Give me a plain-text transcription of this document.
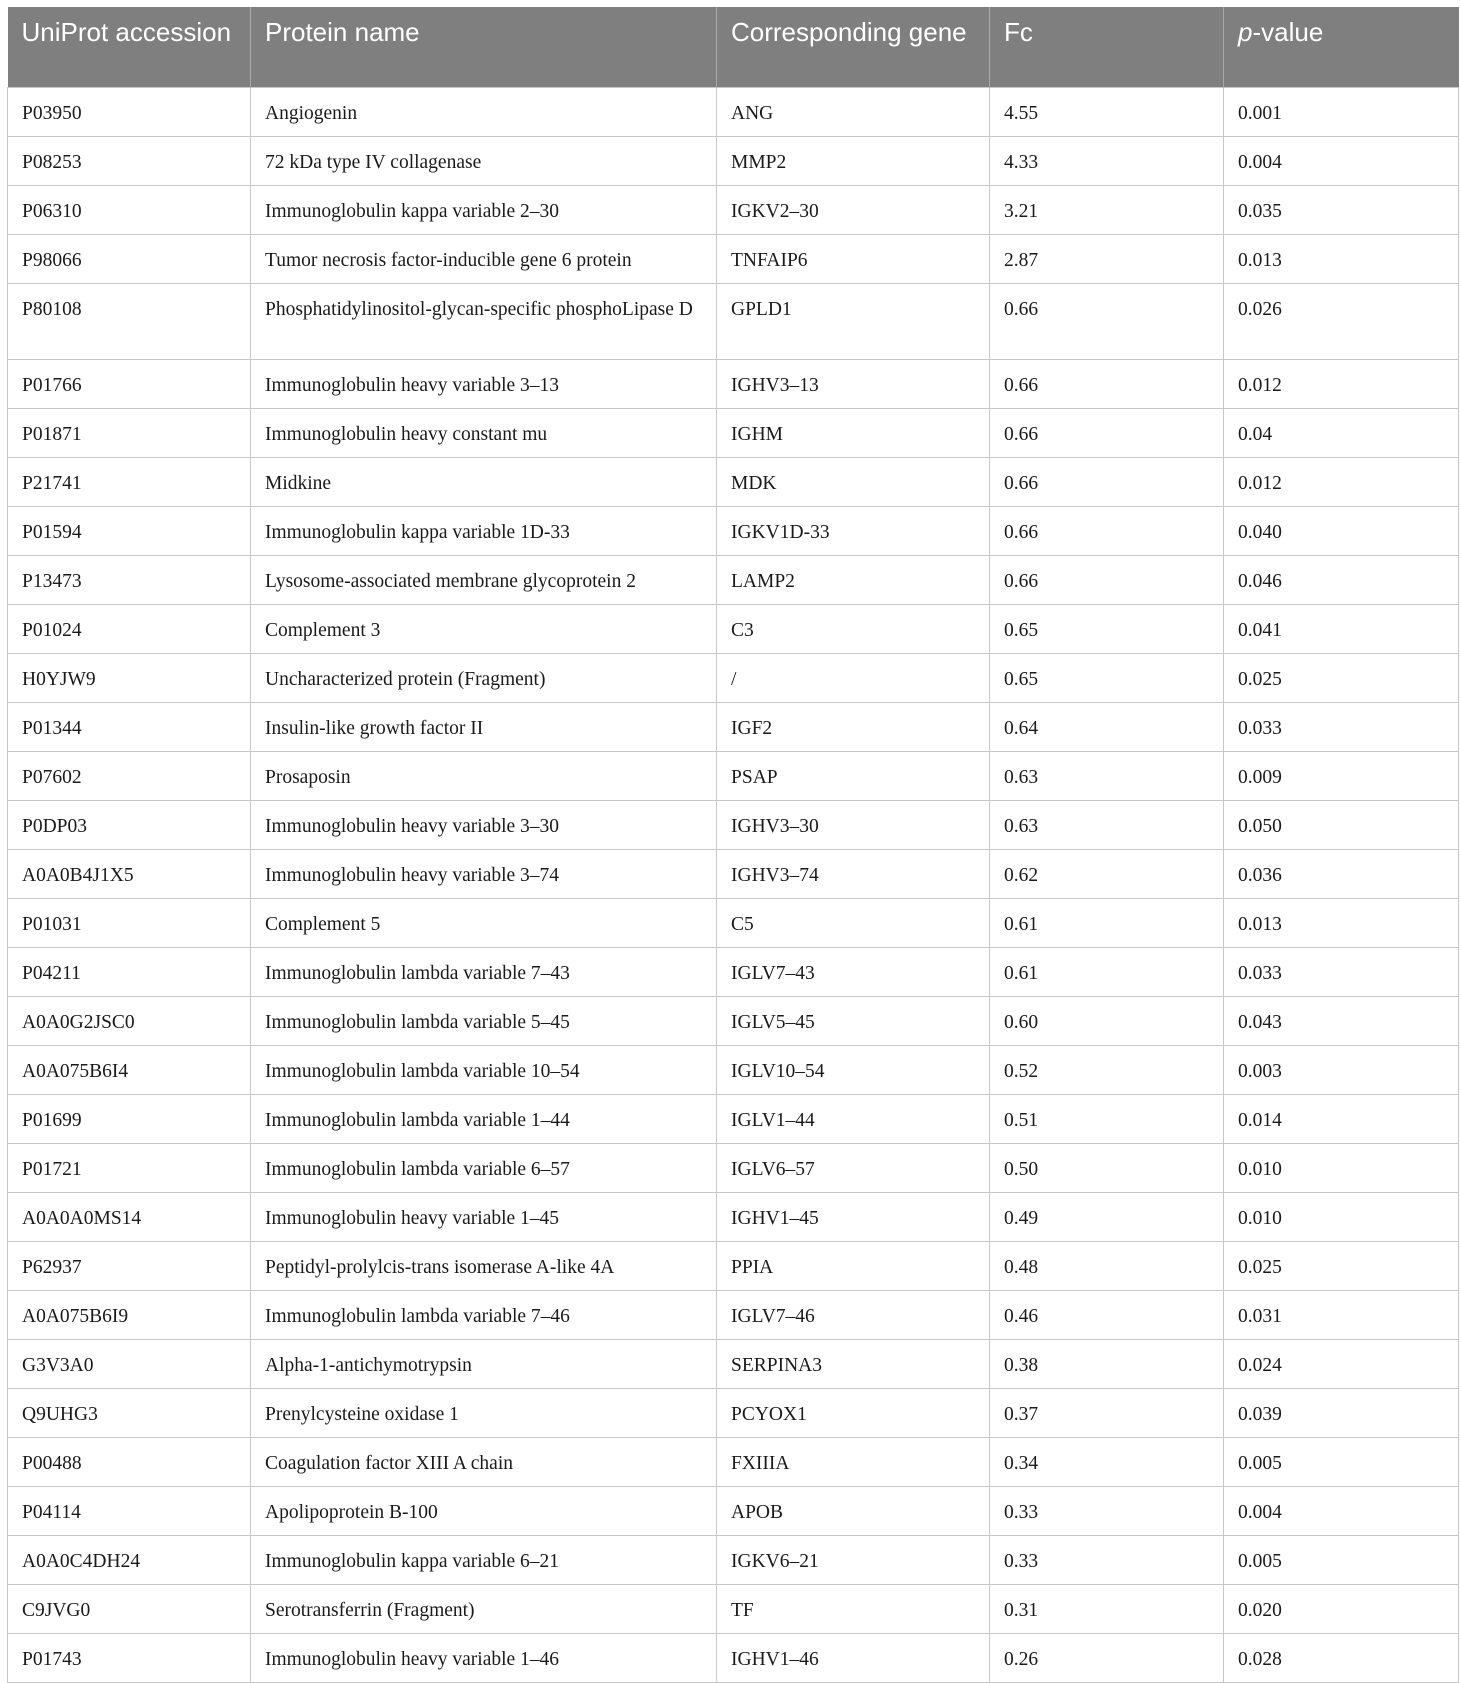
UniProt accession	Protein name	Corresponding gene	Fc	p-value
P03950	Angiogenin	ANG	4.55	0.001
P08253	72 kDa type IV collagenase	MMP2	4.33	0.004
P06310	Immunoglobulin kappa variable 2–30	IGKV2–30	3.21	0.035
P98066	Tumor necrosis factor-inducible gene 6 protein	TNFAIP6	2.87	0.013
P80108	Phosphatidylinositol-glycan-specific phosphoLipase D	GPLD1	0.66	0.026
P01766	Immunoglobulin heavy variable 3–13	IGHV3–13	0.66	0.012
P01871	Immunoglobulin heavy constant mu	IGHM	0.66	0.04
P21741	Midkine	MDK	0.66	0.012
P01594	Immunoglobulin kappa variable 1D-33	IGKV1D-33	0.66	0.040
P13473	Lysosome-associated membrane glycoprotein 2	LAMP2	0.66	0.046
P01024	Complement 3	C3	0.65	0.041
H0YJW9	Uncharacterized protein (Fragment)	/	0.65	0.025
P01344	Insulin-like growth factor II	IGF2	0.64	0.033
P07602	Prosaposin	PSAP	0.63	0.009
P0DP03	Immunoglobulin heavy variable 3–30	IGHV3–30	0.63	0.050
A0A0B4J1X5	Immunoglobulin heavy variable 3–74	IGHV3–74	0.62	0.036
P01031	Complement 5	C5	0.61	0.013
P04211	Immunoglobulin lambda variable 7–43	IGLV7–43	0.61	0.033
A0A0G2JSC0	Immunoglobulin lambda variable 5–45	IGLV5–45	0.60	0.043
A0A075B6I4	Immunoglobulin lambda variable 10–54	IGLV10–54	0.52	0.003
P01699	Immunoglobulin lambda variable 1–44	IGLV1–44	0.51	0.014
P01721	Immunoglobulin lambda variable 6–57	IGLV6–57	0.50	0.010
A0A0A0MS14	Immunoglobulin heavy variable 1–45	IGHV1–45	0.49	0.010
P62937	Peptidyl-prolylcis-trans isomerase A-like 4A	PPIA	0.48	0.025
A0A075B6I9	Immunoglobulin lambda variable 7–46	IGLV7–46	0.46	0.031
G3V3A0	Alpha-1-antichymotrypsin	SERPINA3	0.38	0.024
Q9UHG3	Prenylcysteine oxidase 1	PCYOX1	0.37	0.039
P00488	Coagulation factor XIII A chain	FXIIIA	0.34	0.005
P04114	Apolipoprotein B-100	APOB	0.33	0.004
A0A0C4DH24	Immunoglobulin kappa variable 6–21	IGKV6–21	0.33	0.005
C9JVG0	Serotransferrin (Fragment)	TF	0.31	0.020
P01743	Immunoglobulin heavy variable 1–46	IGHV1–46	0.26	0.028
